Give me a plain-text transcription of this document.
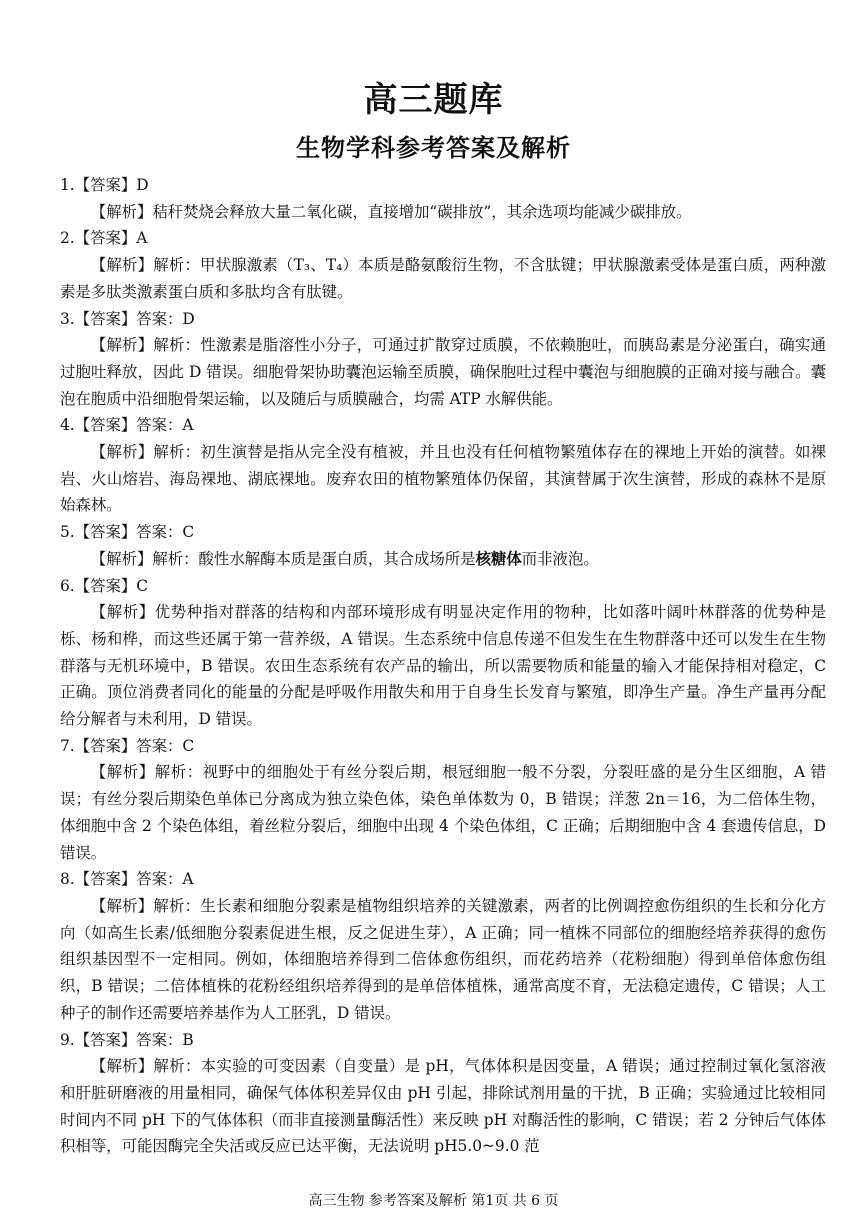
高三题库
生物学科参考答案及解析

1.【答案】D

【解析】秸秆焚烧会释放大量二氧化碳，直接增加“碳排放”，其余选项均能减少碳排放。

2.【答案】A

【解析】解析：甲状腺激素（T₃、T₄）本质是酪氨酸衍生物，不含肽键；甲状腺激素受体是蛋白质，两种激素是多肽类激素蛋白质和多肽均含有肽键。

3.【答案】答案：D

【解析】解析：性激素是脂溶性小分子，可通过扩散穿过质膜，不依赖胞吐，而胰岛素是分泌蛋白，确实通过胞吐释放，因此 D 错误。细胞骨架协助囊泡运输至质膜，确保胞吐过程中囊泡与细胞膜的正确对接与融合。囊泡在胞质中沿细胞骨架运输，以及随后与质膜融合，均需 ATP 水解供能。

4.【答案】答案：A

【解析】解析：初生演替是指从完全没有植被，并且也没有任何植物繁殖体存在的裸地上开始的演替。如裸岩、火山熔岩、海岛裸地、湖底裸地。废弃农田的植物繁殖体仍保留，其演替属于次生演替，形成的森林不是原始森林。

5.【答案】答案：C

【解析】解析：酸性水解酶本质是蛋白质，其合成场所是核糖体而非液泡。

6.【答案】C

【解析】优势种指对群落的结构和内部环境形成有明显决定作用的物种，比如落叶阔叶林群落的优势种是栎、杨和桦，而这些还属于第一营养级，A 错误。生态系统中信息传递不但发生在生物群落中还可以发生在生物群落与无机环境中，B 错误。农田生态系统有农产品的输出，所以需要物质和能量的输入才能保持相对稳定，C 正确。顶位消费者同化的能量的分配是呼吸作用散失和用于自身生长发育与繁殖，即净生产量。净生产量再分配给分解者与未利用，D 错误。

7.【答案】答案：C

【解析】解析：视野中的细胞处于有丝分裂后期，根冠细胞一般不分裂，分裂旺盛的是分生区细胞，A 错误；有丝分裂后期染色单体已分离成为独立染色体，染色单体数为 0，B 错误；洋葱 2n＝16，为二倍体生物，体细胞中含 2 个染色体组，着丝粒分裂后，细胞中出现 4 个染色体组，C 正确；后期细胞中含 4 套遗传信息，D 错误。

8.【答案】答案：A

【解析】解析：生长素和细胞分裂素是植物组织培养的关键激素，两者的比例调控愈伤组织的生长和分化方向（如高生长素/低细胞分裂素促进生根，反之促进生芽），A 正确；同一植株不同部位的细胞经培养获得的愈伤组织基因型不一定相同。例如，体细胞培养得到二倍体愈伤组织，而花药培养（花粉细胞）得到单倍体愈伤组织，B 错误；二倍体植株的花粉经组织培养得到的是单倍体植株，通常高度不育，无法稳定遗传，C 错误；人工种子的制作还需要培养基作为人工胚乳，D 错误。

9.【答案】答案：B

【解析】解析：本实验的可变因素（自变量）是 pH，气体体积是因变量，A 错误；通过控制过氧化氢溶液和肝脏研磨液的用量相同，确保气体体积差异仅由 pH 引起，排除试剂用量的干扰，B 正确；实验通过比较相同时间内不同 pH 下的气体体积（而非直接测量酶活性）来反映 pH 对酶活性的影响，C 错误；若 2 分钟后气体体积相等，可能因酶完全失活或反应已达平衡，无法说明 pH5.0~9.0 范

高三生物 参考答案及解析 第1页 共 6 页
